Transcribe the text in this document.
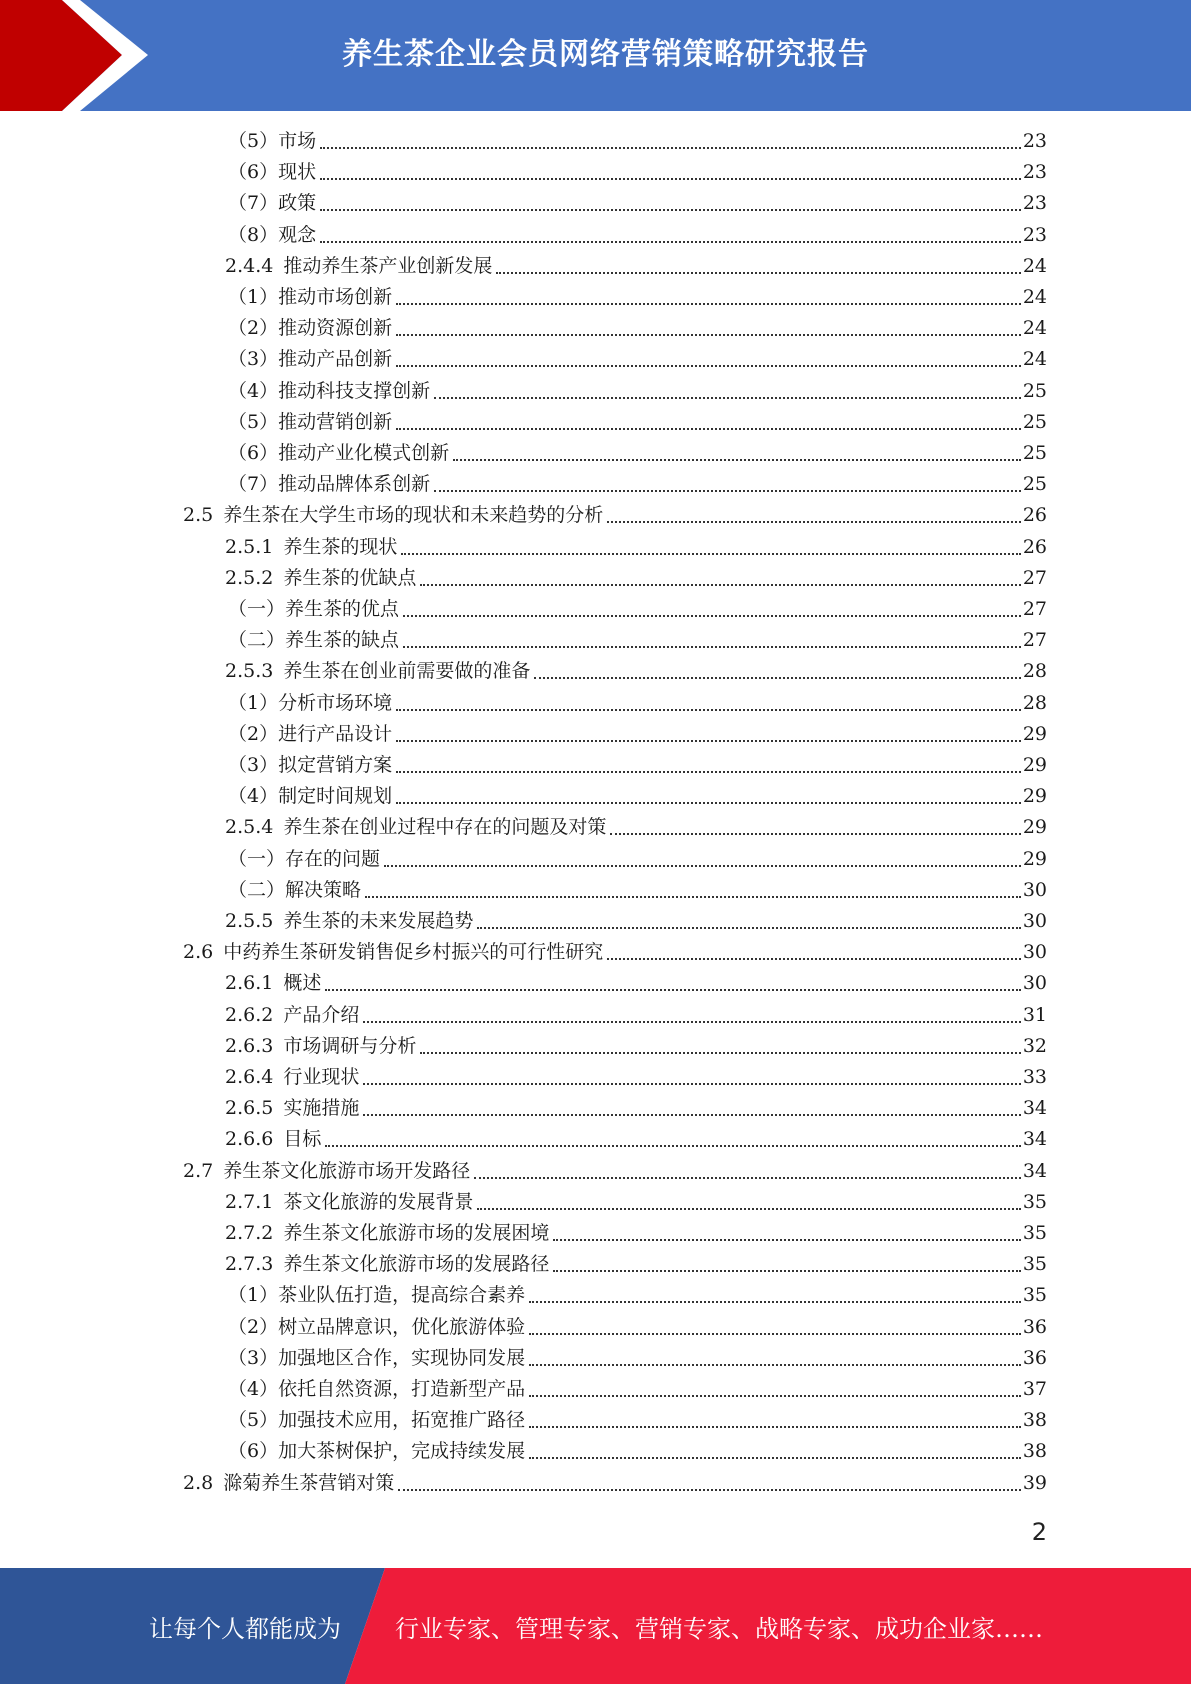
养生茶企业会员网络营销策略研究报告
（5）市场	23
（6）现状	23
（7）政策	23
（8）观念	23
2.4.4 推动养生茶产业创新发展	24
（1）推动市场创新	24
（2）推动资源创新	24
（3）推动产品创新	24
（4）推动科技支撑创新	25
（5）推动营销创新	25
（6）推动产业化模式创新	25
（7）推动品牌体系创新	25
2.5 养生茶在大学生市场的现状和未来趋势的分析	26
2.5.1 养生茶的现状	26
2.5.2 养生茶的优缺点	27
（一）养生茶的优点	27
（二）养生茶的缺点	27
2.5.3 养生茶在创业前需要做的准备	28
（1）分析市场环境	28
（2）进行产品设计	29
（3）拟定营销方案	29
（4）制定时间规划	29
2.5.4 养生茶在创业过程中存在的问题及对策	29
（一）存在的问题	29
（二）解决策略	30
2.5.5 养生茶的未来发展趋势	30
2.6 中药养生茶研发销售促乡村振兴的可行性研究	30
2.6.1 概述	30
2.6.2 产品介绍	31
2.6.3 市场调研与分析	32
2.6.4 行业现状	33
2.6.5 实施措施	34
2.6.6 目标	34
2.7 养生茶文化旅游市场开发路径	34
2.7.1 茶文化旅游的发展背景	35
2.7.2 养生茶文化旅游市场的发展困境	35
2.7.3 养生茶文化旅游市场的发展路径	35
（1）茶业队伍打造，提高综合素养	35
（2）树立品牌意识，优化旅游体验	36
（3）加强地区合作，实现协同发展	36
（4）依托自然资源，打造新型产品	37
（5）加强技术应用，拓宽推广路径	38
（6）加大茶树保护，完成持续发展	38
2.8 滁菊养生茶营销对策	39
2
让每个人都能成为	行业专家、管理专家、营销专家、战略专家、成功企业家……
